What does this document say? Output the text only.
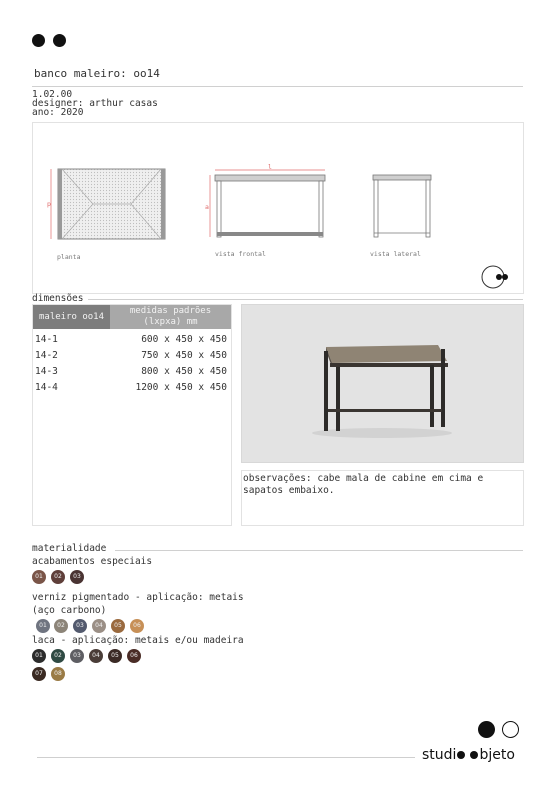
banco maleiro: oo14
1.02.00
designer: arthur casas
ano: 2020
planta	vista frontal	vista lateral
p
l
a
dimensões
maleiro oo14
medidas padrões (lxpxa) mm
14-1	600 x 450 x 450
14-2	750 x 450 x 450
14-3	800 x 450 x 450
14-4	1200 x 450 x 450
observações: cabe mala de cabine em cima e sapatos embaixo.
materialidade
acabamentos especiais
01	02	03
verniz pigmentado - aplicação: metais (aço carbono)
01	02	03	04	05	06
laca - aplicação: metais e/ou madeira
01	02	03	04	05	06
07	08
studi bjeto
